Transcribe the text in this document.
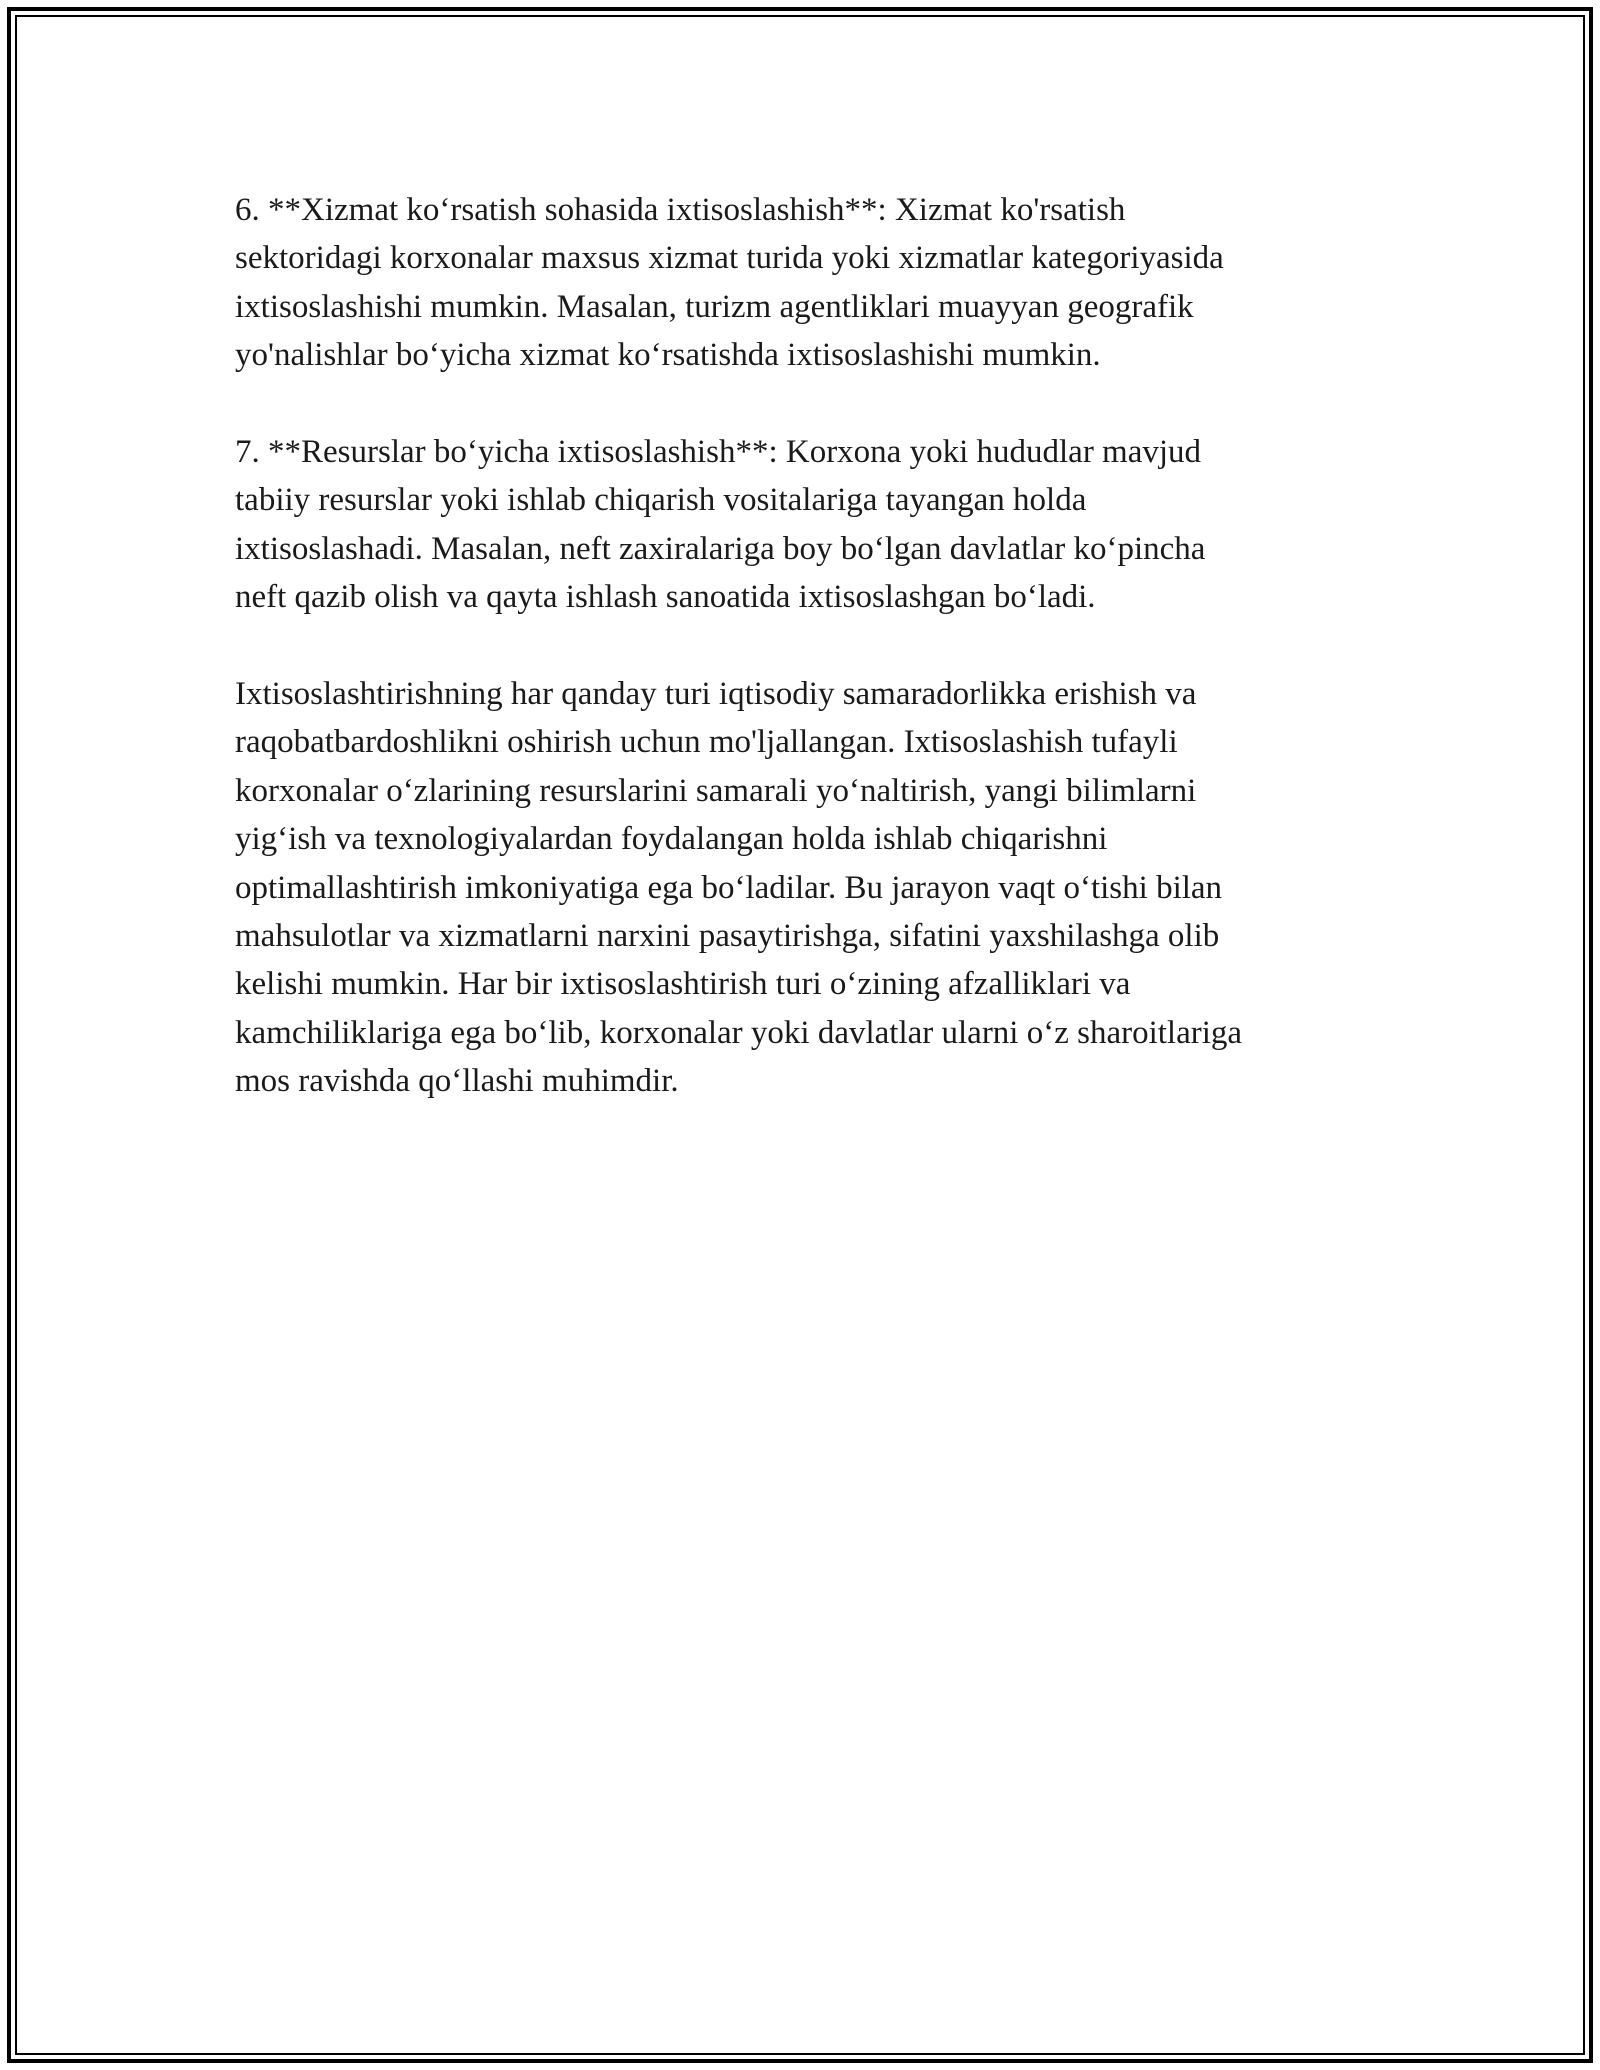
6. **Xizmat ko‘rsatish sohasida ixtisoslashish**: Xizmat ko'rsatish
sektoridagi korxonalar maxsus xizmat turida yoki xizmatlar kategoriyasida
ixtisoslashishi mumkin. Masalan, turizm agentliklari muayyan geografik
yo'nalishlar bo‘yicha xizmat ko‘rsatishda ixtisoslashishi mumkin.

7. **Resurslar bo‘yicha ixtisoslashish**: Korxona yoki hududlar mavjud
tabiiy resurslar yoki ishlab chiqarish vositalariga tayangan holda
ixtisoslashadi. Masalan, neft zaxiralariga boy bo‘lgan davlatlar ko‘pincha
neft qazib olish va qayta ishlash sanoatida ixtisoslashgan bo‘ladi.

Ixtisoslashtirishning har qanday turi iqtisodiy samaradorlikka erishish va
raqobatbardoshlikni oshirish uchun mo'ljallangan. Ixtisoslashish tufayli
korxonalar o‘zlarining resurslarini samarali yo‘naltirish, yangi bilimlarni
yig‘ish va texnologiyalardan foydalangan holda ishlab chiqarishni
optimallashtirish imkoniyatiga ega bo‘ladilar. Bu jarayon vaqt o‘tishi bilan
mahsulotlar va xizmatlarni narxini pasaytirishga, sifatini yaxshilashga olib
kelishi mumkin. Har bir ixtisoslashtirish turi o‘zining afzalliklari va
kamchiliklariga ega bo‘lib, korxonalar yoki davlatlar ularni o‘z sharoitlariga
mos ravishda qo‘llashi muhimdir.
